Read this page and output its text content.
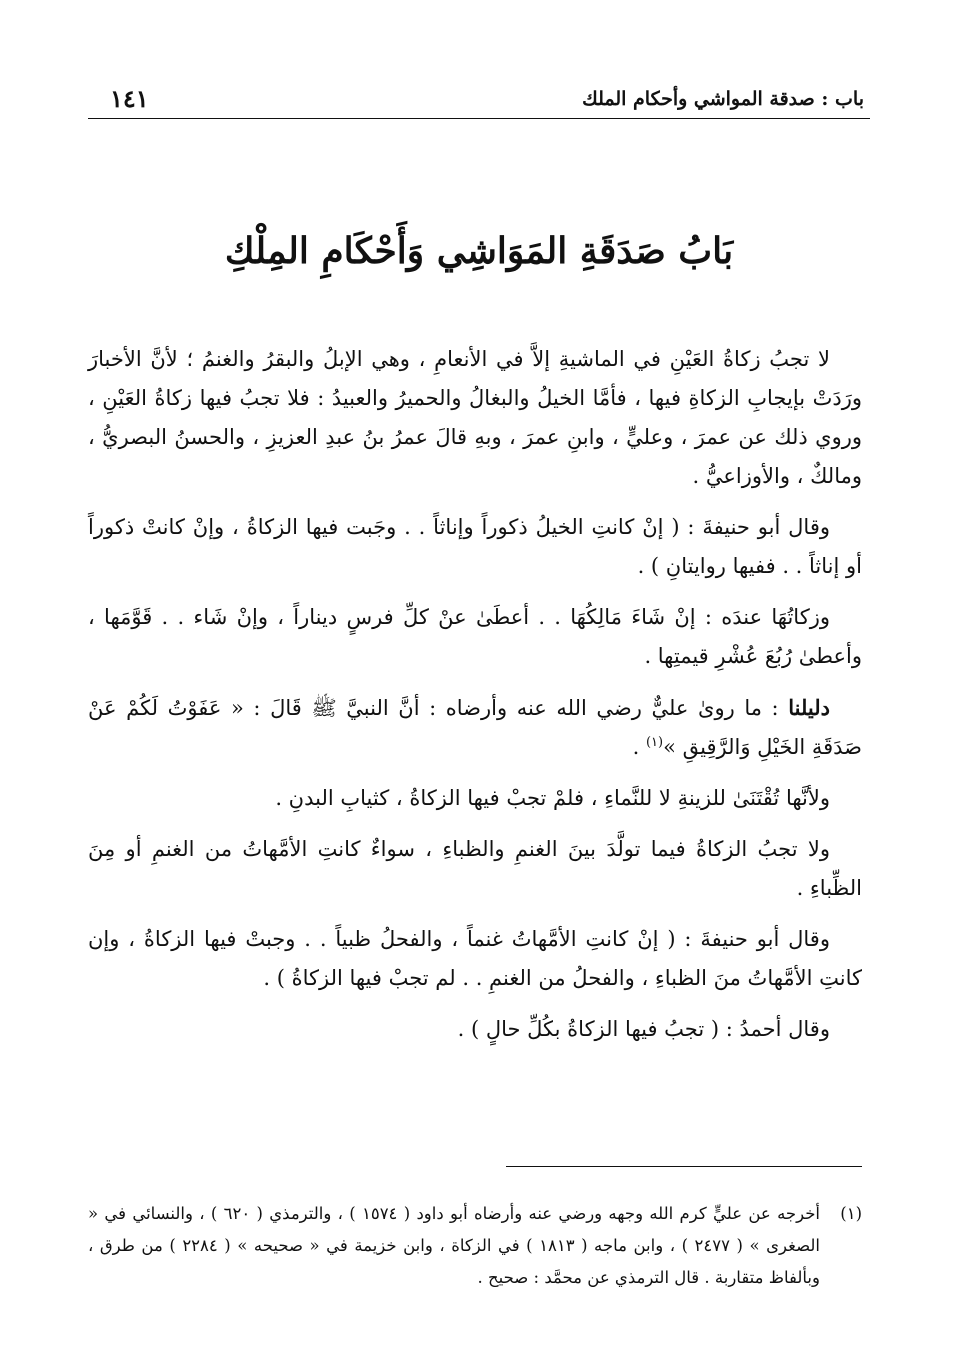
باب : صدقة المواشي وأحكام الملك
١٤١
بَابُ صَدَقَةِ المَوَاشِي وَأَحْكَامِ المِلْكِ

لا تجبُ زكاةُ العَيْنِ في الماشيةِ إلاَّ في الأنعامِ ، وهي الإبلُ والبقرُ والغنمُ ؛ لأنَّ الأخبارَ ورَدَتْ بإيجابِ الزكاةِ فيها ، فأمَّا الخيلُ والبغالُ والحميرُ والعبيدُ : فلا تجبُ فيها زكاةُ العَيْنِ ، وروي ذلك عن عمرَ ، وعليٍّ ، وابنِ عمرَ ، وبهِ قالَ عمرُ بنُ عبدِ العزيزِ ، والحسنُ البصريُّ ، ومالكٌ ، والأوزاعيُّ .

وقال أبو حنيفةَ : ( إنْ كانتِ الخيلُ ذكوراً وإناثاً . . وجَبت فيها الزكاةُ ، وإنْ كانتْ ذكوراً أو إناثاً . . ففيها روايتانِ ) .

وزكاتُهَا عندَه : إنْ شَاءَ مَالِكُهَا . . أعطَىٰ عنْ كلِّ فرسٍ ديناراً ، وإنْ شَاء . . قَوَّمَها ، وأعطىٰ رُبُعَ عُشْرِ قيمتِها .

دليلنا : ما روىٰ عليٌّ رضي الله عنه وأرضاه : أنَّ النبيَّ ﷺ قَالَ : « عَفَوْتُ لَكُمْ عَنْ صَدَقَةِ الخَيْلِ وَالرَّقِيقِ »$^{(١)}$ .

ولأنَّها تُقْتَنَىٰ للزينةِ لا للنَّماءِ ، فلمْ تجبْ فيها الزكاةُ ، كثيابِ البدنِ .

ولا تجبُ الزكاةُ فيما تولَّدَ بينَ الغنمِ والظباءِ ، سواءٌ كانتِ الأمَّهاتُ من الغنمِ أو مِنَ الظِّباءِ .

وقال أبو حنيفةَ : ( إنْ كانتِ الأمَّهاتُ غنماً ، والفحلُ ظبياً . . وجبتْ فيها الزكاةُ ، وإن كانتِ الأمَّهاتُ منَ الظباءِ ، والفحلُ من الغنمِ . . لم تجبْ فيها الزكاةُ ) .

وقال أحمدُ : ( تجبُ فيها الزكاةُ بكُلِّ حالٍ ) .

(١)
أخرجه عن عليٍّ كرم الله وجهه ورضي عنه وأرضاه أبو داود ( ١٥٧٤ ) ، والترمذي ( ٦٢٠ ) ، والنسائي في « الصغرى » ( ٢٤٧٧ ) ، وابن ماجه ( ١٨١٣ ) في الزكاة ، وابن خزيمة في « صحيحه » ( ٢٢٨٤ ) من طرق ، وبألفاظ متقاربة . قال الترمذي عن محمَّد : صحيح .
